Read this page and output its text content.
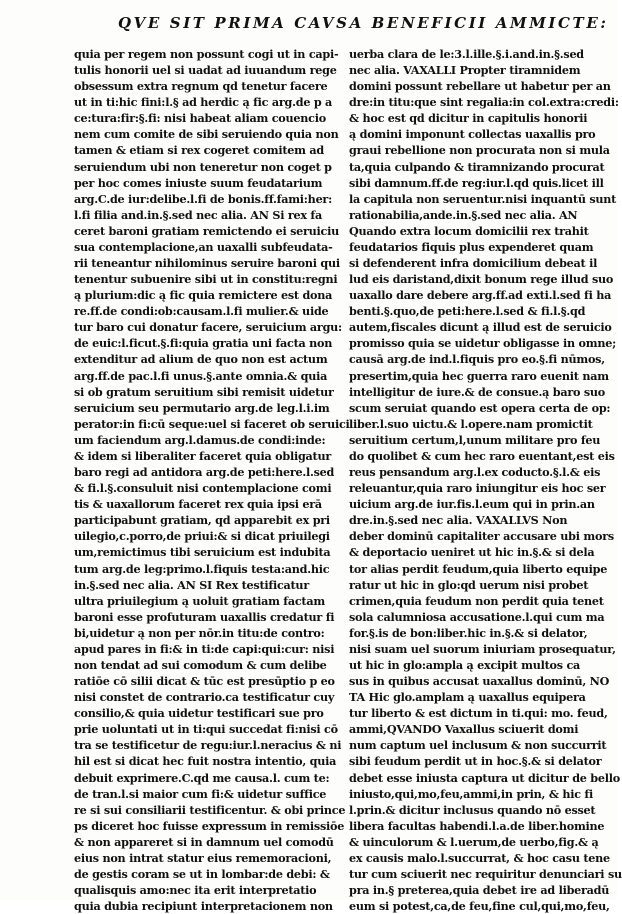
QVE SIT PRIMA CAVSA BENEFICII AMMICTE:
quia per regem non possunt cogi ut in capi-
tulis honorii uel si uadat ad iuuandum rege
obsessum extra regnum qd tenetur facere
ut in ti:hic fini:l.§ ad herdic ą fic arg.de p a
ce:tura:fir:§.fi: nisi habeat aliam couencio
nem cum comite de sibi seruiendo quia non
tamen & etiam si rex cogeret comitem ad
seruiendum ubi non teneretur non coget p
per hoc comes iniuste suum feudatarium
arg.C.de iur:delibe.l.fi de bonis.ff.fami:her:
l.fi filia and.in.§.sed nec alia. AN Si rex fa
ceret baroni gratiam remictendo ei seruiciu
sua contemplacione,an uaxalli subfeudata-
rii teneantur nihilominus seruire baroni qui
tenentur subuenire sibi ut in constitu:regni
ą plurium:dic ą fic quia remictere est dona
re.ff.de condi:ob:causam.l.fi mulier.& uide
tur baro cui donatur facere, seruicium argu:
de euic:l.ficut.§.fi:quia gratia uni facta non
extenditur ad alium de quo non est actum
arg.ff.de pac.l.fi unus.§.ante omnia.& quia
si ob gratum seruitium sibi remisit uidetur
seruicium seu permutario arg.de leg.l.i.im
perator:in fi:cū seque:uel si faceret ob seruici
um faciendum arg.l.damus.de condi:inde:
& idem si liberaliter faceret quia obligatur
baro regi ad antidora arg.de peti:here.l.sed
& fi.l.§.consuluit nisi contemplacione comi
tis & uaxallorum faceret rex quia ipsi erā
participabunt gratiam, qd apparebit ex pri
uilegio,c.porro,de priui:& si dicat priuilegi
um,remictimus tibi seruicium est indubita
tum arg.de leg:primo.l.fiquis testa:and.hic
in.§.sed nec alia. AN SI Rex testificatur
ultra priuilegium ą uoluit gratiam factam
baroni esse profuturam uaxallis credatur fi
bi,uidetur ą non per nōr.in titu:de contro:
apud pares in fi:& in ti:de capi:qui:cur: nisi
non tendat ad sui comodum & cum delibe
ratiōe cō silii dicat & tūc est presūptio p eo
nisi constet de contrario.ca testificatur cuy
consilio,& quia uidetur testificari sue pro
prie uoluntati ut in ti:qui succedat fi:nisi cō
tra se testificetur de regu:iur.l.neracius & ni
hil est si dicat hec fuit nostra intentio, quia
debuit exprimere.C.qd me causa.l. cum te:
de tran.l.si maior cum fi:& uidetur suffice
re si sui consiliarii testificentur. & obi prince
ps diceret hoc fuisse expressum in remissiōe
& non appareret si in damnum uel comodū
eius non intrat statur eius rememoracioni,
de gestis coram se ut in lombar:de debi: &
qualisquis amo:nec ita erit interpretatio
quia dubia recipiunt interpretacionem non
uerba clara de le:3.l.ille.§.i.and.in.§.sed
nec alia. VAXALLI Propter tiramnidem
domini possunt rebellare ut habetur per an
dre:in titu:que sint regalia:in col.extra:credi:
& hoc est qd dicitur in capitulis honorii
ą domini imponunt collectas uaxallis pro
graui rebellione non procurata non si mula
ta,quia culpando & tiramnizando procurat
sibi damnum.ff.de reg:iur.l.qd quis.licet ill
la capitula non seruentur.nisi inquantū sunt
rationabilia,ande.in.§.sed nec alia. AN
Quando extra locum domicilii rex trahit
feudatarios fiquis plus expenderet quam
si defenderent infra domicilium debeat il
lud eis daristand,dixit bonum rege illud suo
uaxallo dare debere arg.ff.ad exti.l.sed fi ha
benti.§.quo,de peti:here.l.sed & fi.l.§.qd
autem,fiscales dicunt ą illud est de seruicio
promisso quia se uidetur obligasse in omne;
causā arg.de ind.l.fiquis pro eo.§.fi nūmos,
presertim,quia hec guerra raro euenit nam
intelligitur de iure.& de consue.ą baro suo
scum seruiat quando est opera certa de op:
liber.l.suo uictu.& l.opere.nam promictit
seruitium certum,l,unum militare pro feu
do quolibet & cum hec raro euentant,est eis
reus pensandum arg.l.ex coducto.§.l.& eis
releuantur,quia raro iniungitur eis hoc ser
uicium arg.de iur.fis.l.eum qui in prin.an
dre.in.§.sed nec alia. VAXALLVS Non
deber dominū capitaliter accusare ubi mors
& deportacio ueniret ut hic in.§.& si dela
tor alias perdit feudum,quia liberto equipe
ratur ut hic in glo:qd uerum nisi probet
crimen,quia feudum non perdit quia tenet
sola calumniosa accusatione.l.qui cum ma
for.§.is de bon:liber.hic in.§.& si delator,
nisi suam uel suorum iniuriam prosequatur,
ut hic in glo:ampla ą excipit multos ca
sus in quibus accusat uaxallus dominū, NO
TA Hic glo.amplam ą uaxallus equipera
tur liberto & est dictum in ti.qui: mo. feud,
ammi,QVANDO Vaxallus sciuerit domi
num captum uel inclusum & non succurrit
sibi feudum perdit ut in hoc.§.& si delator
debet esse iniusta captura ut dicitur de bello
iniusto,qui,mo,feu,ammi,in prin, & hic fi
l.prin.& dicitur inclusus quando nō esset
libera facultas habendi.l.a.de liber.homine
& uinculorum & l.uerum,de uerbo,fig.& ą
ex causis malo.l.succurrat, & hoc casu tene
tur cum sciuerit nec requiritur denunciari su
pra in.§ preterea,quia debet ire ad liberadū
eum si potest,ca,de feu,fine cul,qui,mo,feu,
